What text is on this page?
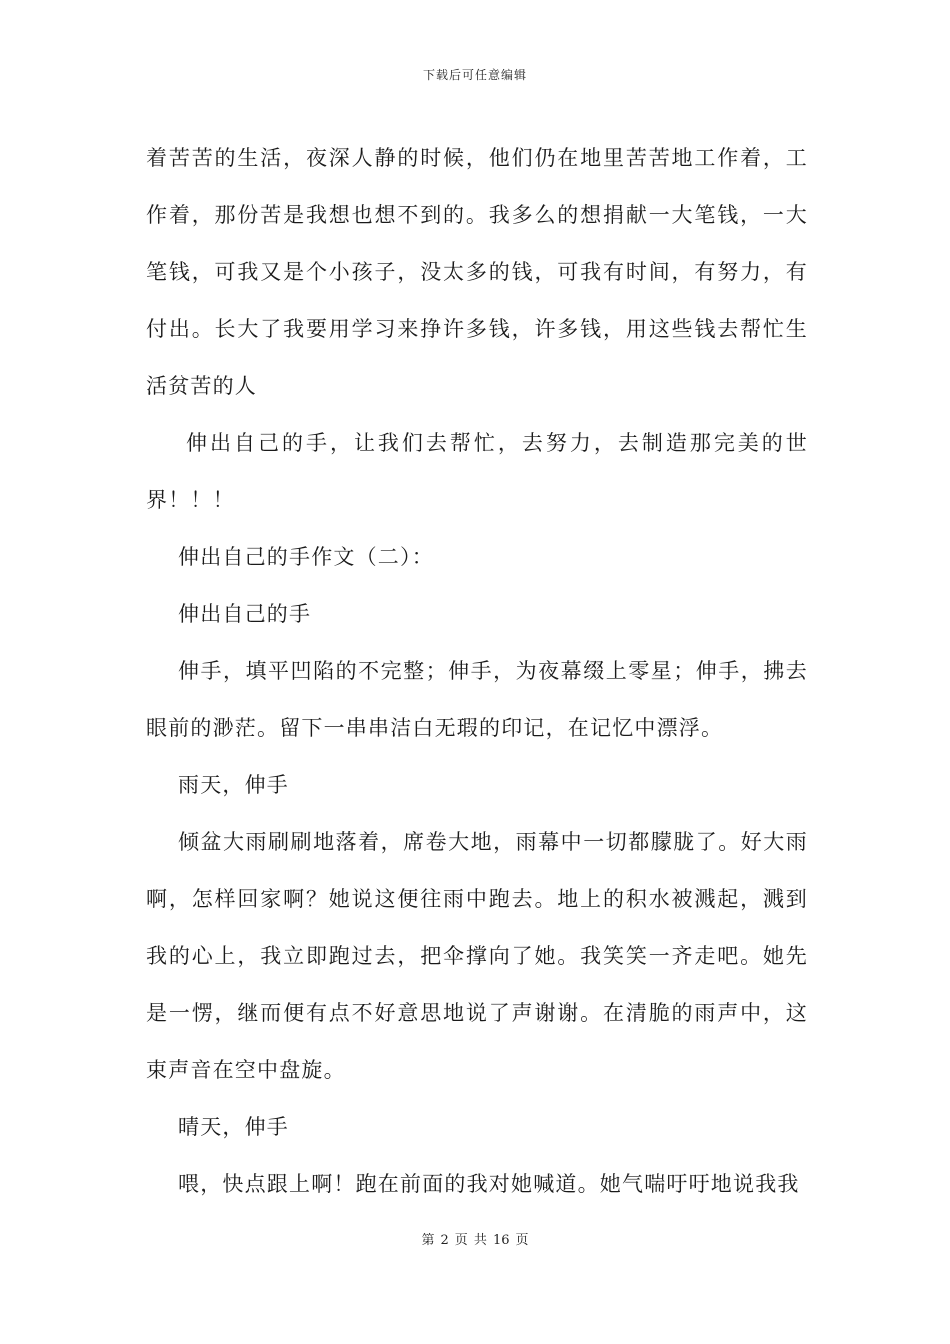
下载后可任意编辑

着苦苦的生活，夜深人静的时候，他们仍在地里苦苦地工作着，工作着，那份苦是我想也想不到的。我多么的想捐献一大笔钱，一大笔钱，可我又是个小孩子，没太多的钱，可我有时间，有努力，有付出。长大了我要用学习来挣许多钱，许多钱，用这些钱去帮忙生活贫苦的人

伸出自己的手，让我们去帮忙，去努力，去制造那完美的世界！！！

伸出自己的手作文（二）：

伸出自己的手

伸手，填平凹陷的不完整；伸手，为夜幕缀上零星；伸手，拂去眼前的渺茫。留下一串串洁白无瑕的印记，在记忆中漂浮。

雨天，伸手

倾盆大雨刷刷地落着，席卷大地，雨幕中一切都朦胧了。好大雨啊，怎样回家啊？她说这便往雨中跑去。地上的积水被溅起，溅到我的心上，我立即跑过去，把伞撑向了她。我笑笑一齐走吧。她先是一愣，继而便有点不好意思地说了声谢谢。在清脆的雨声中，这束声音在空中盘旋。

晴天，伸手

喂，快点跟上啊！跑在前面的我对她喊道。她气喘吁吁地说我我

第 2 页 共 16 页
